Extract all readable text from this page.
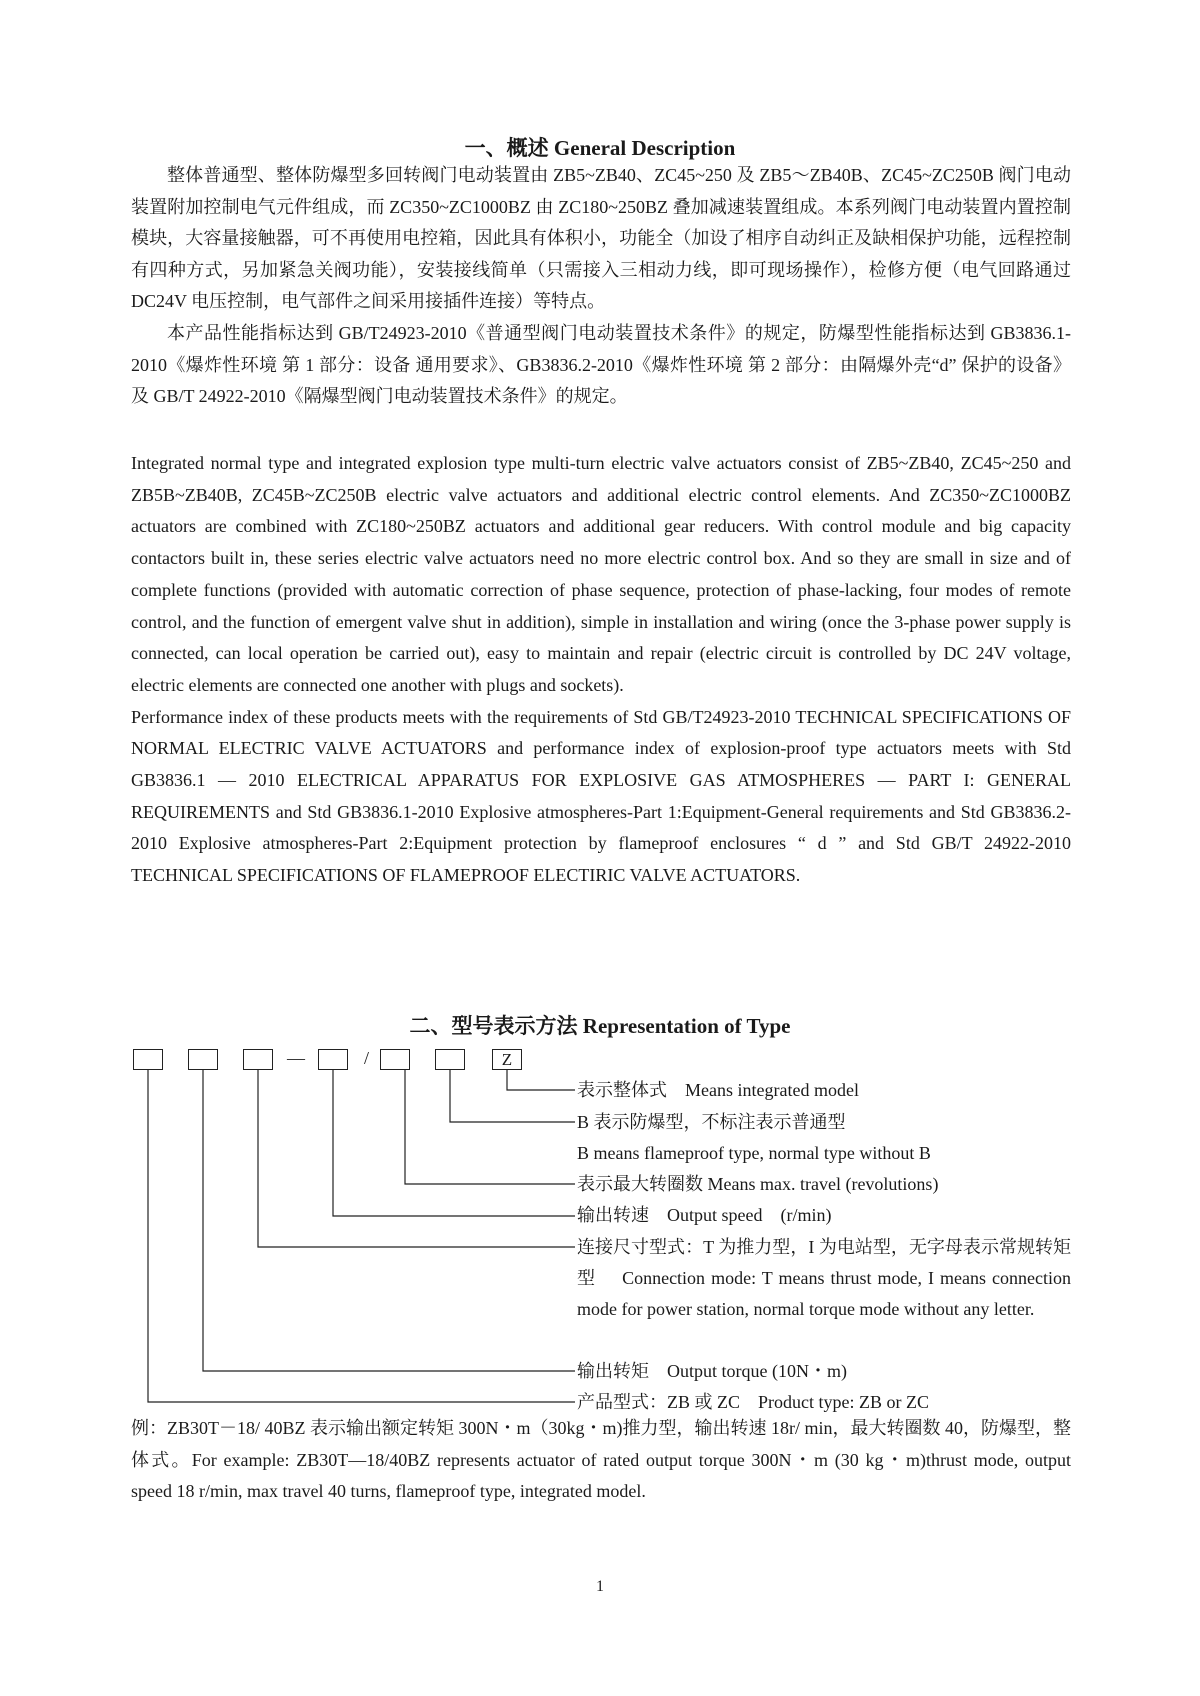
一、概述 General Description

整体普通型、整体防爆型多回转阀门电动装置由 ZB5~ZB40、ZC45~250 及 ZB5～ZB40B、ZC45~ZC250B 阀门电动装置附加控制电气元件组成，而 ZC350~ZC1000BZ 由 ZC180~250BZ 叠加减速装置组成。本系列阀门电动装置内置控制模块，大容量接触器，可不再使用电控箱，因此具有体积小，功能全（加设了相序自动纠正及缺相保护功能，远程控制有四种方式，另加紧急关阀功能），安装接线简单（只需接入三相动力线，即可现场操作），检修方便（电气回路通过 DC24V 电压控制，电气部件之间采用接插件连接）等特点。

本产品性能指标达到 GB/T24923-2010《普通型阀门电动装置技术条件》的规定，防爆型性能指标达到 GB3836.1-2010《爆炸性环境 第 1 部分：设备 通用要求》、GB3836.2-2010《爆炸性环境 第 2 部分：由隔爆外壳“d” 保护的设备》及 GB/T 24922-2010《隔爆型阀门电动装置技术条件》的规定。

Integrated normal type and integrated explosion type multi-turn electric valve actuators consist of ZB5~ZB40, ZC45~250 and ZB5B~ZB40B, ZC45B~ZC250B electric valve actuators and additional electric control elements. And ZC350~ZC1000BZ actuators are combined with ZC180~250BZ actuators and additional gear reducers. With control module and big capacity contactors built in, these series electric valve actuators need no more electric control box. And so they are small in size and of complete functions (provided with automatic correction of phase sequence, protection of phase-lacking, four modes of remote control, and the function of emergent valve shut in addition), simple in installation and wiring (once the 3-phase power supply is connected, can local operation be carried out), easy to maintain and repair (electric circuit is controlled by DC 24V voltage, electric elements are connected one another with plugs and sockets).

Performance index of these products meets with the requirements of Std GB/T24923-2010 TECHNICAL SPECIFICATIONS OF NORMAL ELECTRIC VALVE ACTUATORS and performance index of explosion-proof type actuators meets with Std GB3836.1 — 2010 ELECTRICAL APPARATUS FOR EXPLOSIVE GAS ATMOSPHERES — PART I: GENERAL REQUIREMENTS and Std GB3836.1-2010 Explosive atmospheres-Part 1:Equipment-General requirements and Std GB3836.2-2010 Explosive atmospheres-Part 2:Equipment protection by flameproof enclosures “ d ” and Std GB/T 24922-2010 TECHNICAL SPECIFICATIONS OF FLAMEPROOF ELECTIRIC VALVE ACTUATORS.

二、型号表示方法 Representation of Type
—	/	Z
表示整体式　Means integrated model
B 表示防爆型，不标注表示普通型
B means flameproof type, normal type without B
表示最大转圈数 Means max. travel (revolutions)
输出转速　Output speed　(r/min)
连接尺寸型式：T 为推力型，I 为电站型，无字母表示常规转矩型　 Connection mode: T means thrust mode, I means connection mode for power station, normal torque mode without any letter.
输出转矩　Output torque (10N・m)
产品型式：ZB 或 ZC　Product type: ZB or ZC
例：ZB30T－18/ 40BZ 表示输出额定转矩 300N・m（30kg・m)推力型，输出转速 18r/ min，最大转圈数 40，防爆型，整体式。For example: ZB30T—18/40BZ represents actuator of rated output torque 300N・m (30 kg・m)thrust mode, output speed 18 r/min, max travel 40 turns, flameproof type, integrated model.
1
